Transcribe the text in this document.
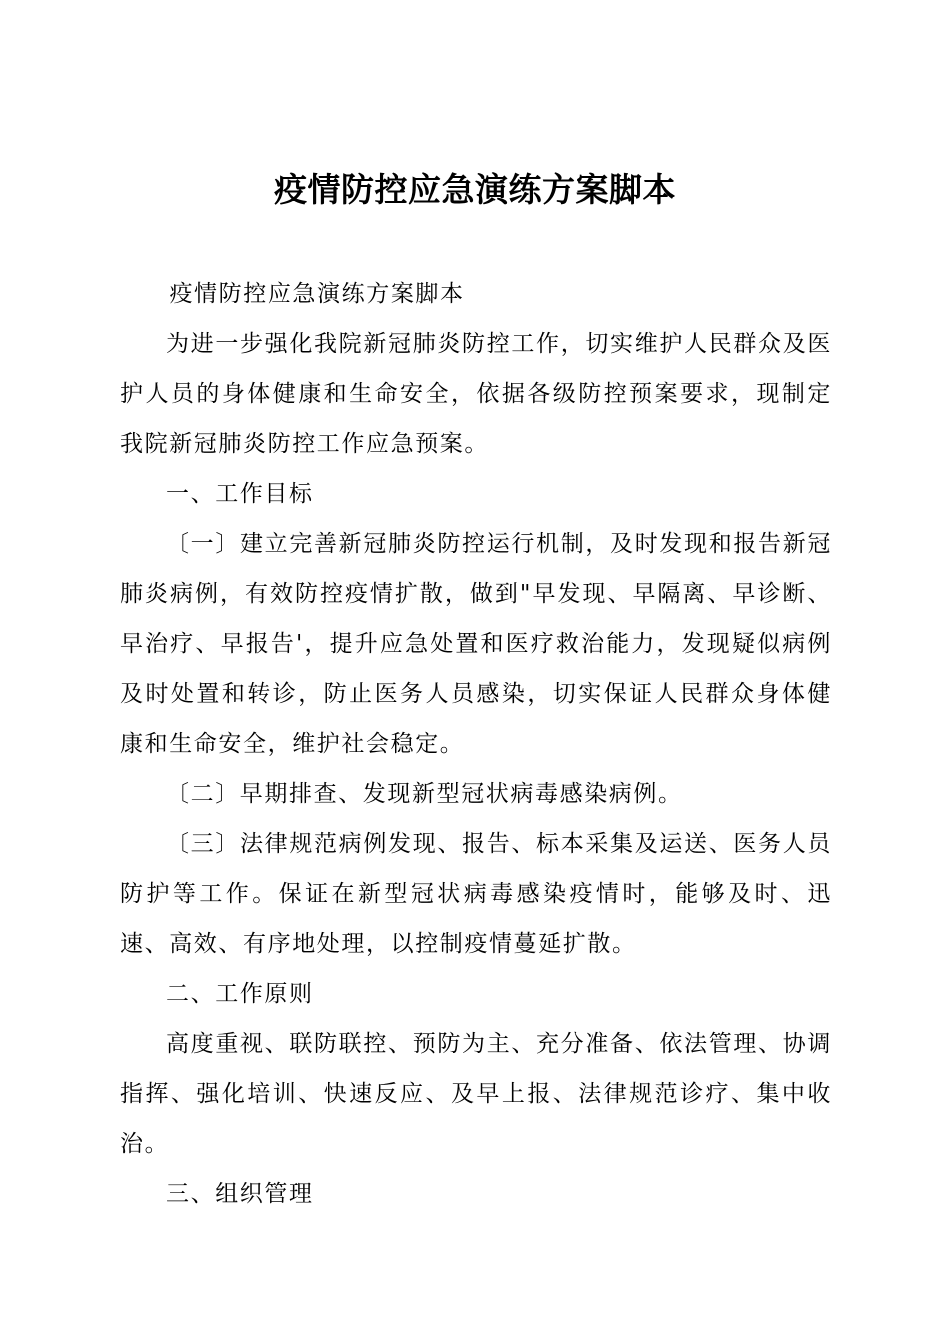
疫情防控应急演练方案脚本

疫情防控应急演练方案脚本

为进一步强化我院新冠肺炎防控工作，切实维护人民群众及医护人员的身体健康和生命安全，依据各级防控预案要求，现制定我院新冠肺炎防控工作应急预案。

一、工作目标

〔一〕建立完善新冠肺炎防控运行机制，及时发现和报告新冠肺炎病例，有效防控疫情扩散，做到"早发现、早隔离、早诊断、早治疗、早报告'，提升应急处置和医疗救治能力，发现疑似病例及时处置和转诊，防止医务人员感染，切实保证人民群众身体健康和生命安全，维护社会稳定。

〔二〕早期排查、发现新型冠状病毒感染病例。

〔三〕法律规范病例发现、报告、标本采集及运送、医务人员防护等工作。保证在新型冠状病毒感染疫情时，能够及时、迅速、高效、有序地处理，以控制疫情蔓延扩散。

二、工作原则

高度重视、联防联控、预防为主、充分准备、依法管理、协调指挥、强化培训、快速反应、及早上报、法律规范诊疗、集中收治。

三、组织管理
